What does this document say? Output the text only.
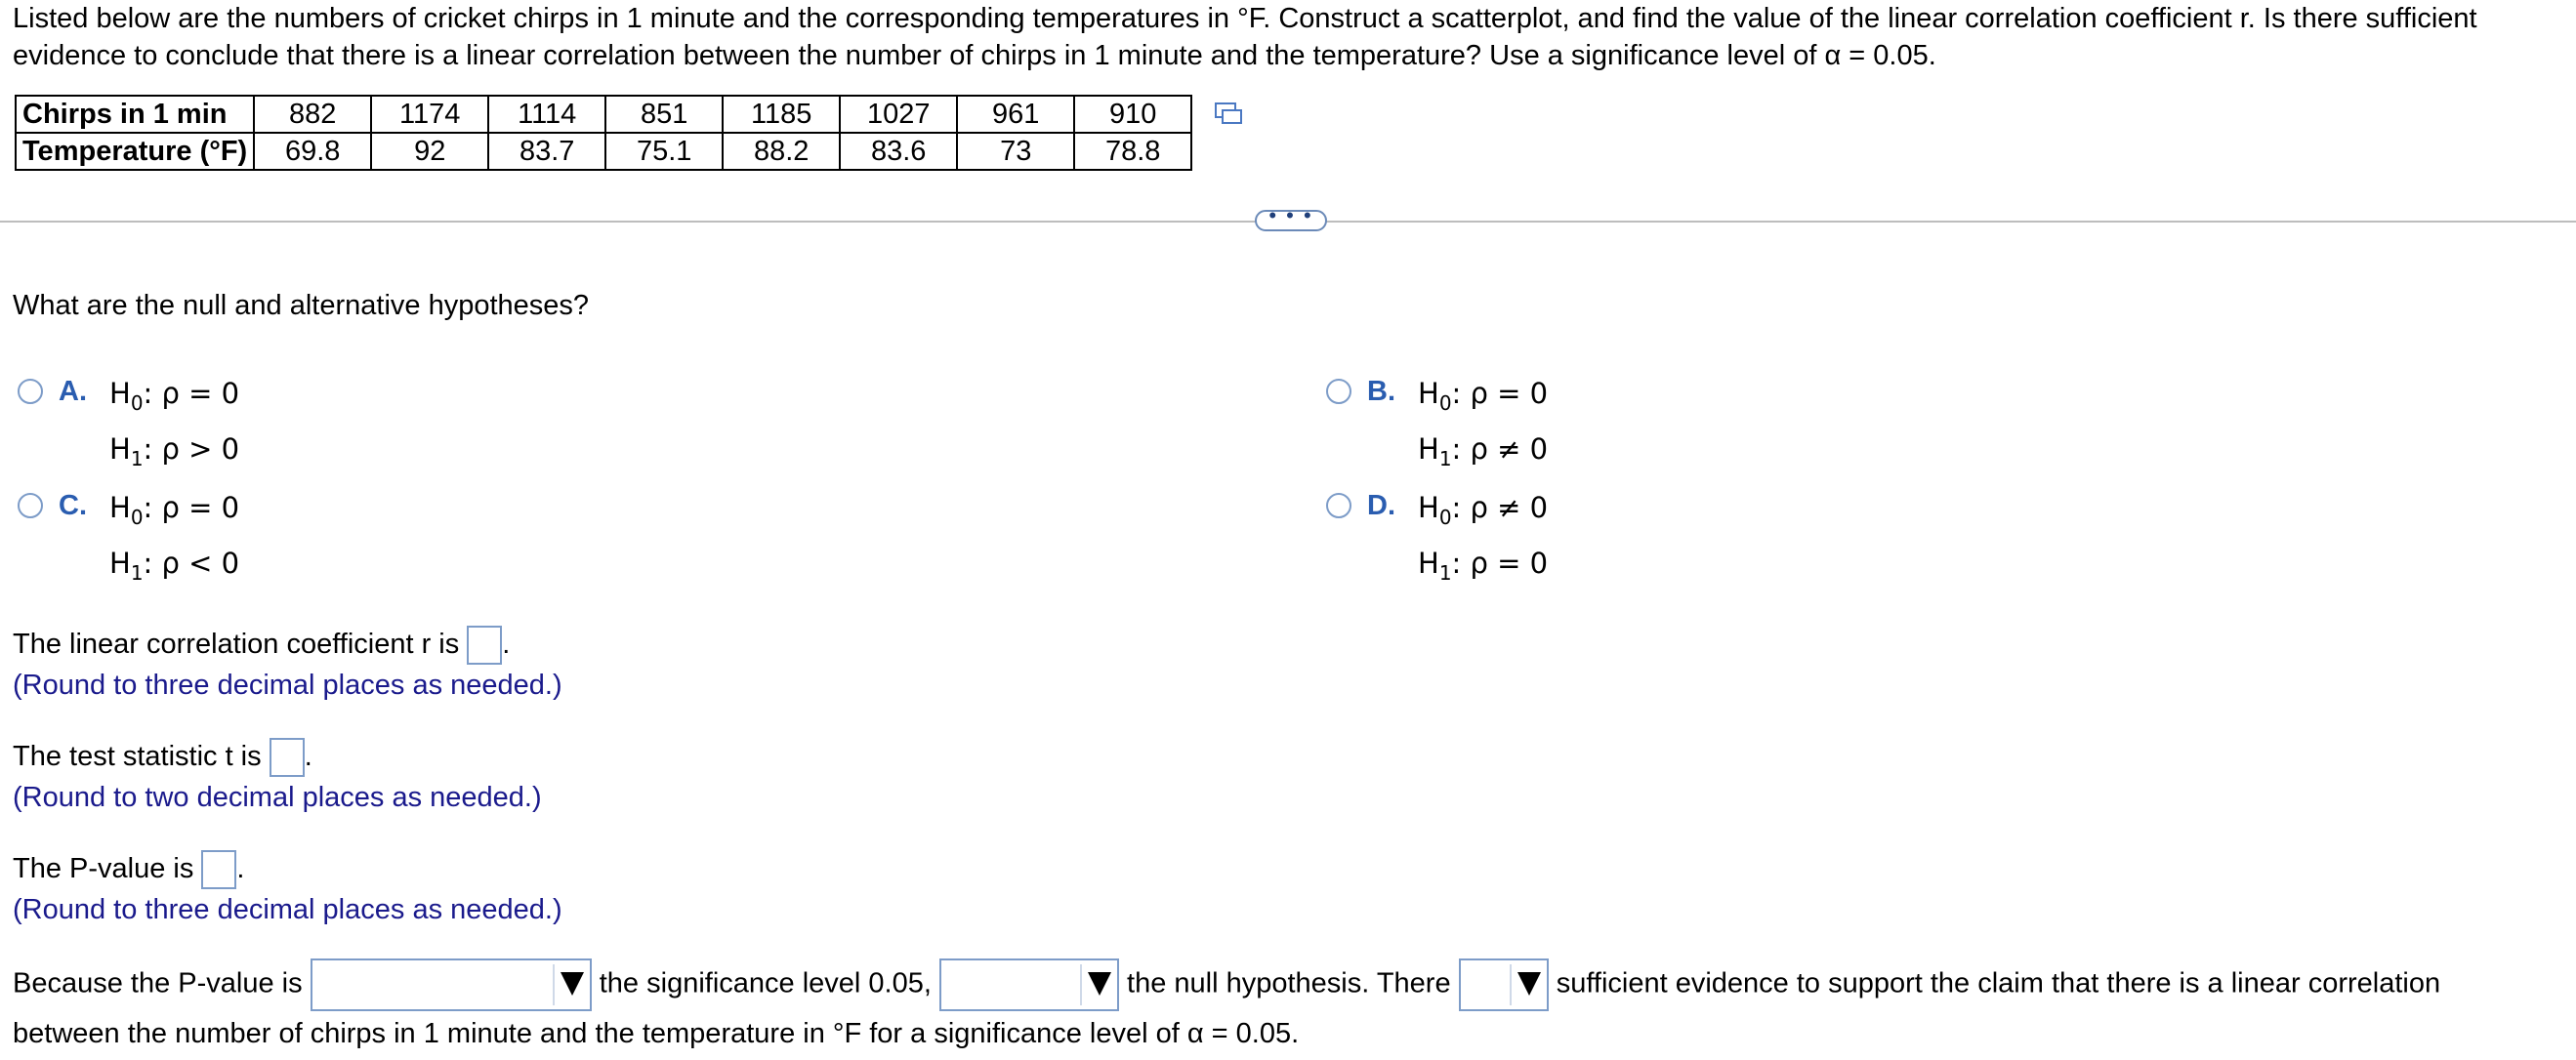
Listed below are the numbers of cricket chirps in 1 minute and the corresponding temperatures in °F. Construct a scatterplot, and find the value of the linear correlation coefficient r. Is there sufficient evidence to conclude that there is a linear correlation between the number of chirps in 1 minute and the temperature? Use a significance level of α = 0.05.
Chirps in 1 min	882	1174	1114	851	1185	1027	961	910
Temperature (°F)	69.8	92	83.7	75.1	88.2	83.6	73	78.8
• • •
What are the null and alternative hypotheses?
A. $H_0$: ρ = 0
$H_1$: ρ > 0
B. $H_0$: ρ = 0
$H_1$: ρ ≠ 0
C. $H_0$: ρ = 0
$H_1$: ρ < 0
D. $H_0$: ρ ≠ 0
$H_1$: ρ = 0
The linear correlation coefficient r is .
(Round to three decimal places as needed.)
The test statistic t is .
(Round to two decimal places as needed.)
The P-value is .
(Round to three decimal places as needed.)
Because the P-value is	the significance level 0.05,	the null hypothesis. There	sufficient evidence to support the claim that there is a linear correlation
between the number of chirps in 1 minute and the temperature in °F for a significance level of α = 0.05.
